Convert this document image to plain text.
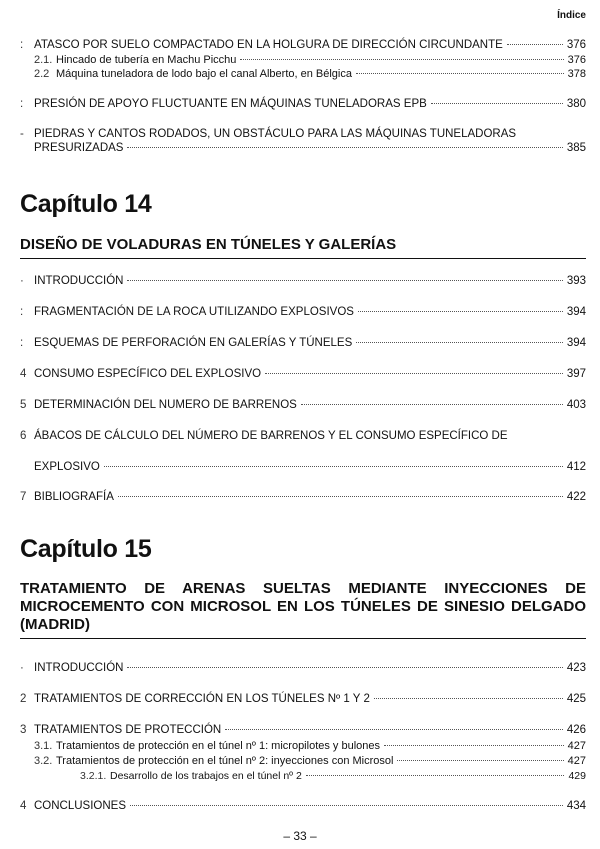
Índice
: ATASCO POR SUELO COMPACTADO EN LA HOLGURA DE DIRECCIÓN CIRCUNDANTE	376
2.1. Hincado de tubería en Machu Picchu	376
2.2 Máquina tuneladora de lodo bajo el canal Alberto, en Bélgica	378
: PRESIÓN DE APOYO FLUCTUANTE EN MÁQUINAS TUNELADORAS EPB	380
- PIEDRAS Y CANTOS RODADOS, UN OBSTÁCULO PARA LAS MÁQUINAS TUNELADORAS
PRESURIZADAS	385
Capítulo 14
DISEÑO DE VOLADURAS EN TÚNELES Y GALERÍAS
· INTRODUCCIÓN	393
: FRAGMENTACIÓN DE LA ROCA UTILIZANDO EXPLOSIVOS	394
: ESQUEMAS DE PERFORACIÓN EN GALERÍAS Y TÚNELES	394
4 CONSUMO ESPECÍFICO DEL EXPLOSIVO	397
5 DETERMINACIÓN DEL NUMERO DE BARRENOS	403
6 ÁBACOS DE CÁLCULO DEL NÚMERO DE BARRENOS Y EL CONSUMO ESPECÍFICO DE
EXPLOSIVO	412
7 BIBLIOGRAFÍA	422
Capítulo 15
TRATAMIENTO DE ARENAS SUELTAS MEDIANTE INYECCIONES DE MICROCEMENTO CON MICROSOL EN LOS TÚNELES DE SINESIO DELGADO (MADRID)
· INTRODUCCIÓN	423
2 TRATAMIENTOS DE CORRECCIÓN EN LOS TÚNELES Nº 1 Y 2	425
3 TRATAMIENTOS DE PROTECCIÓN	426
3.1. Tratamientos de protección en el túnel nº 1: micropilotes y bulones	427
3.2. Tratamientos de protección en el túnel nº 2: inyecciones con Microsol	427
3.2.1. Desarrollo de los trabajos en el túnel nº 2	429
4 CONCLUSIONES	434
– 33 –
